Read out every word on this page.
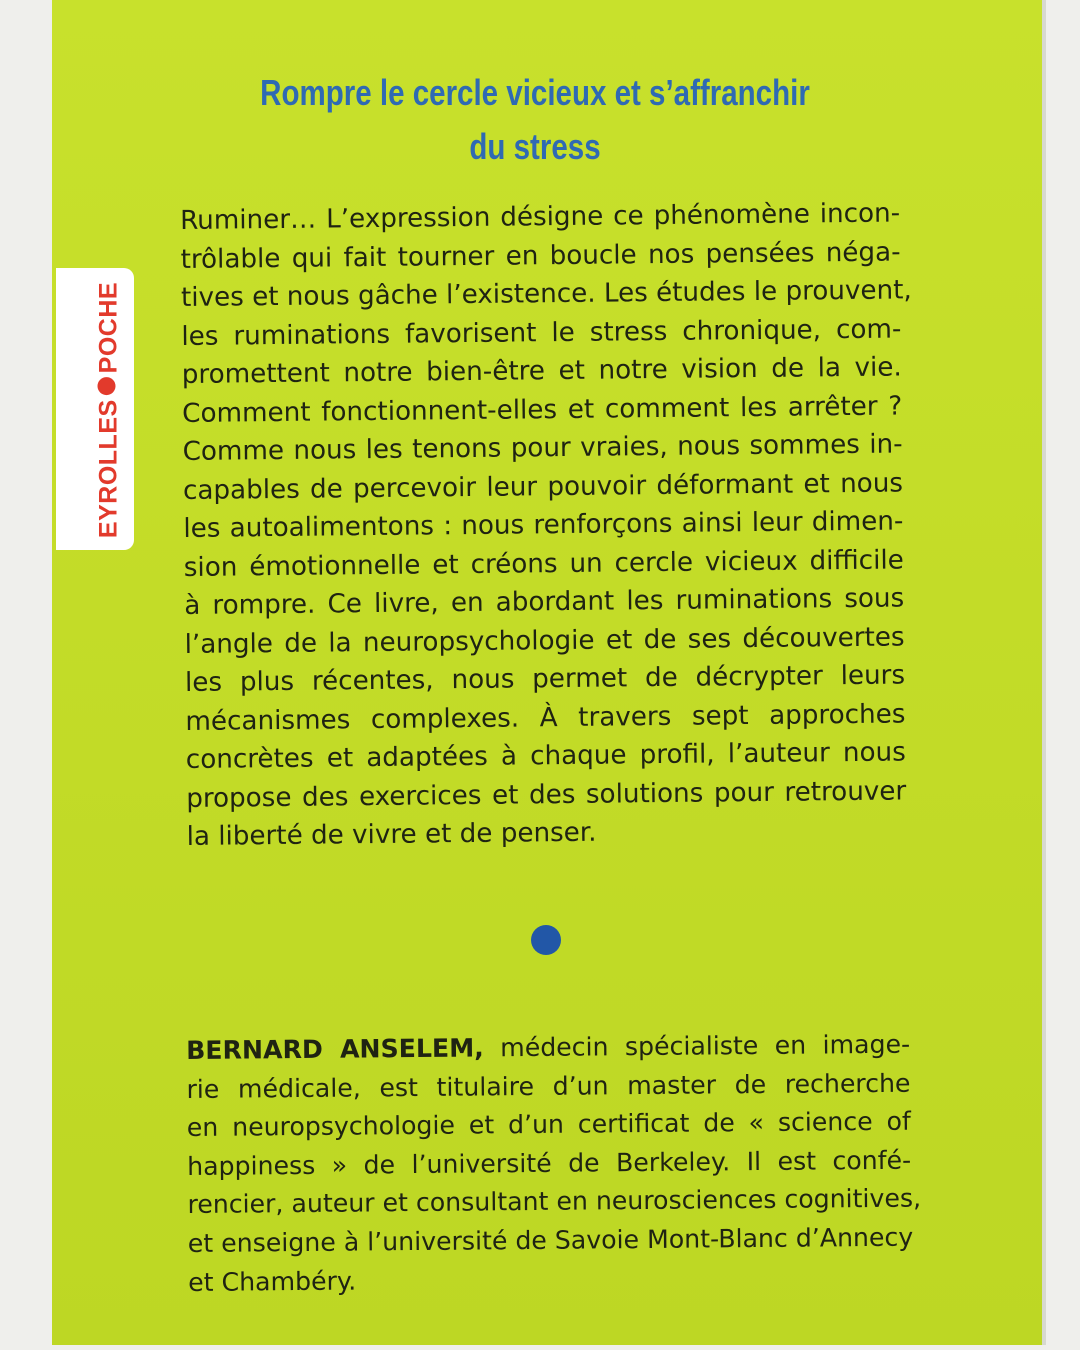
EYROLLESPOCHE
Rompre le cercle vicieux et s’affranchir
du stress
Ruminer… L’expression désigne ce phénomène incon-
trôlable qui fait tourner en boucle nos pensées néga-
tives et nous gâche l’existence. Les études le prouvent,
les ruminations favorisent le stress chronique, com-
promettent notre bien-être et notre vision de la vie.
Comment fonctionnent-elles et comment les arrêter ?
Comme nous les tenons pour vraies, nous sommes in-
capables de percevoir leur pouvoir déformant et nous
les autoalimentons : nous renforçons ainsi leur dimen-
sion émotionnelle et créons un cercle vicieux difficile
à rompre. Ce livre, en abordant les ruminations sous
l’angle de la neuropsychologie et de ses découvertes
les plus récentes, nous permet de décrypter leurs
mécanismes complexes. À travers sept approches
concrètes et adaptées à chaque profil, l’auteur nous
propose des exercices et des solutions pour retrouver
la liberté de vivre et de penser.
BERNARD ANSELEM, médecin spécialiste en image-
rie médicale, est titulaire d’un master de recherche
en neuropsychologie et d’un certificat de « science of
happiness » de l’université de Berkeley. Il est confé-
rencier, auteur et consultant en neurosciences cognitives,
et enseigne à l’université de Savoie Mont-Blanc d’Annecy
et Chambéry.
